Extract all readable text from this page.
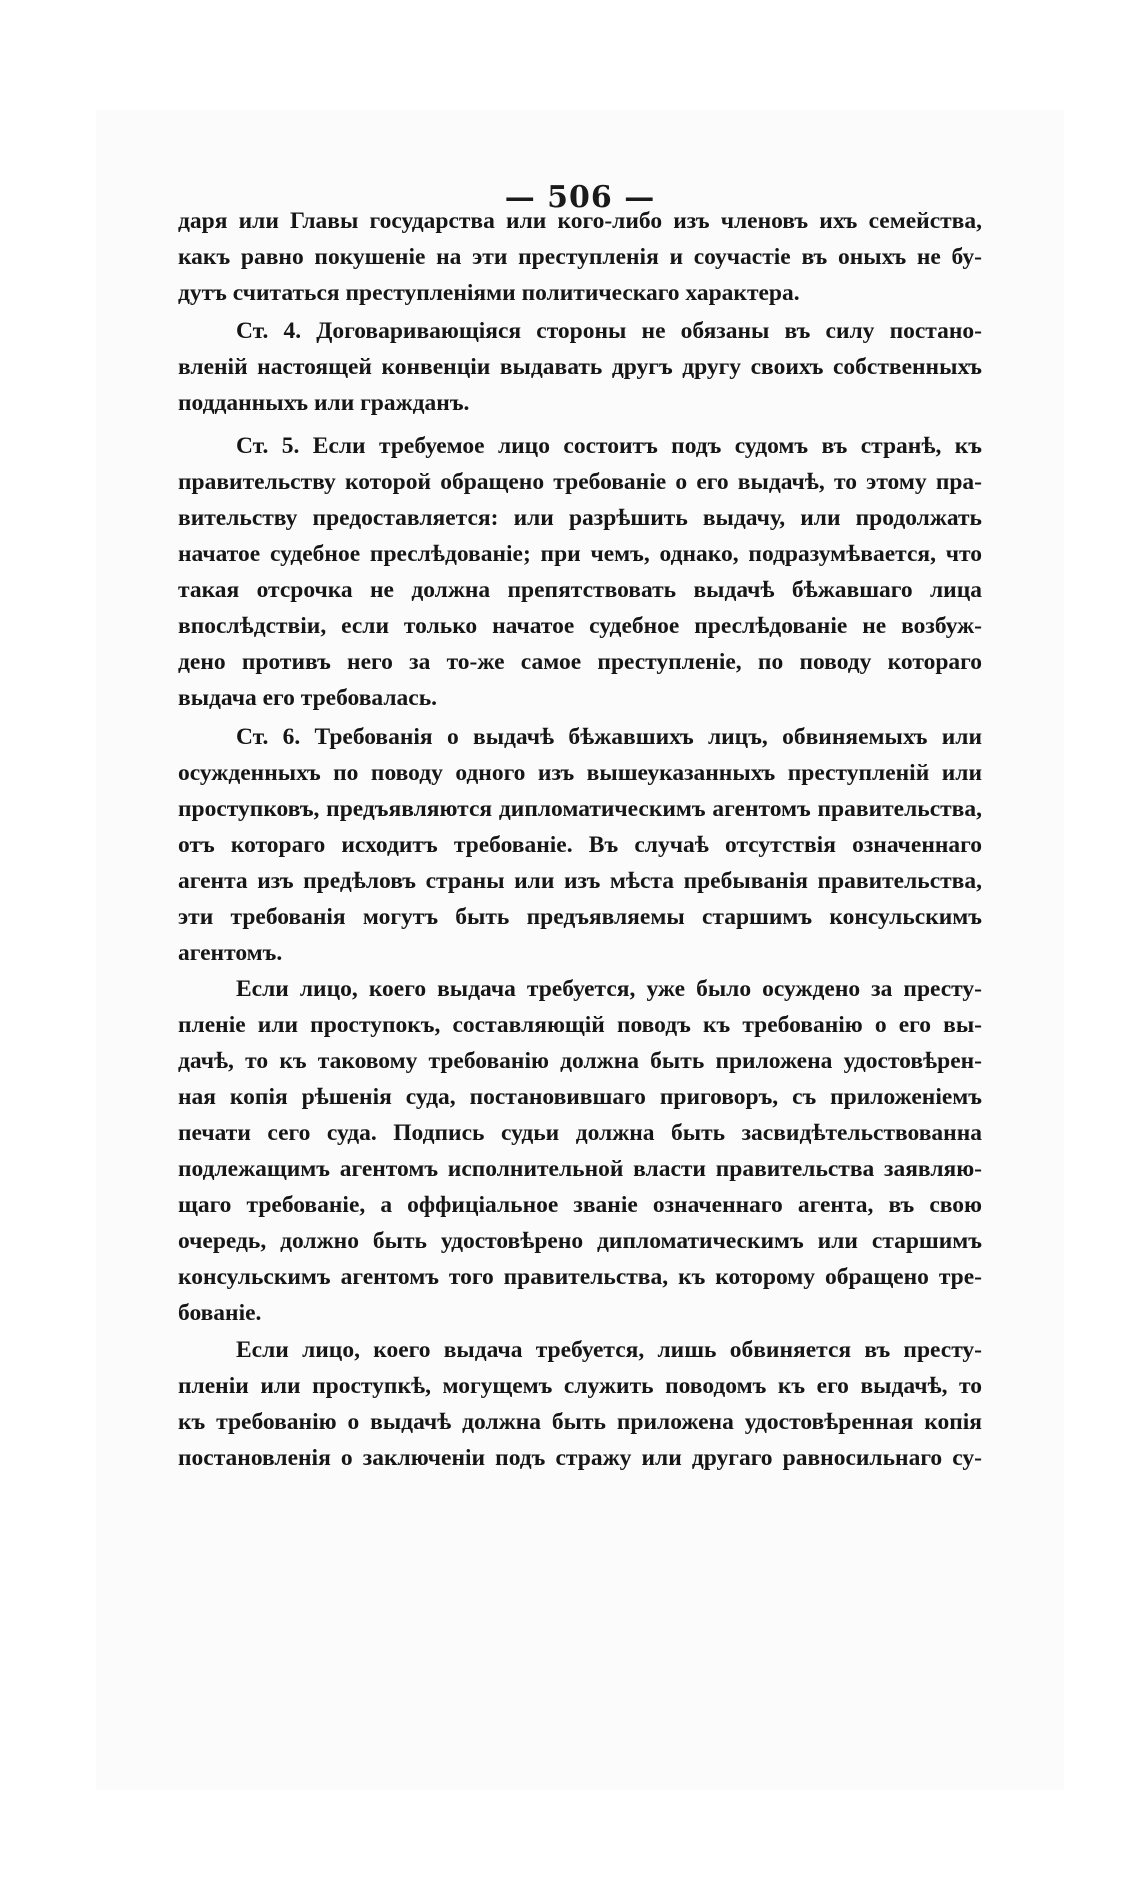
— 506 —
даря или Главы государства или кого-либо изъ членовъ ихъ семейства,
какъ равно покушеніе на эти преступленія и соучастіе въ оныхъ не бу-
дутъ считаться преступленіями политическаго характера.
Ст. 4. Договаривающіяся стороны не обязаны въ силу постано-
вленій настоящей конвенціи выдавать другъ другу своихъ собственныхъ
подданныхъ или гражданъ.
Ст. 5. Если требуемое лицо состоитъ подъ судомъ въ странѣ, къ
правительству которой обращено требованіе о его выдачѣ, то этому пра-
вительству предоставляется: или разрѣшить выдачу, или продолжать
начатое судебное преслѣдованіе; при чемъ, однако, подразумѣвается, что
такая отсрочка не должна препятствовать выдачѣ бѣжавшаго лица
впослѣдствіи, если только начатое судебное преслѣдованіе не возбуж-
дено противъ него за то-же самое преступленіе, по поводу котораго
выдача его требовалась.
Ст. 6. Требованія о выдачѣ бѣжавшихъ лицъ, обвиняемыхъ или
осужденныхъ по поводу одного изъ вышеуказанныхъ преступленій или
проступковъ, предъявляются дипломатическимъ агентомъ правительства,
отъ котораго исходитъ требованіе. Въ случаѣ отсутствія означеннаго
агента изъ предѣловъ страны или изъ мѣста пребыванія правительства,
эти требованія могутъ быть предъявляемы старшимъ консульскимъ
агентомъ.
Если лицо, коего выдача требуется, уже было осуждено за престу-
пленіе или проступокъ, составляющій поводъ къ требованію о его вы-
дачѣ, то къ таковому требованію должна быть приложена удостовѣрен-
ная копія рѣшенія суда, постановившаго приговоръ, съ приложеніемъ
печати сего суда. Подпись судьи должна быть засвидѣтельствованна
подлежащимъ агентомъ исполнительной власти правительства заявляю-
щаго требованіе, а оффиціальное званіе означеннаго агента, въ свою
очередь, должно быть удостовѣрено дипломатическимъ или старшимъ
консульскимъ агентомъ того правительства, къ которому обращено тре-
бованіе.
Если лицо, коего выдача требуется, лишь обвиняется въ престу-
пленіи или проступкѣ, могущемъ служить поводомъ къ его выдачѣ, то
къ требованію о выдачѣ должна быть приложена удостовѣренная копія
постановленія о заключеніи подъ стражу или другаго равносильнаго су-
